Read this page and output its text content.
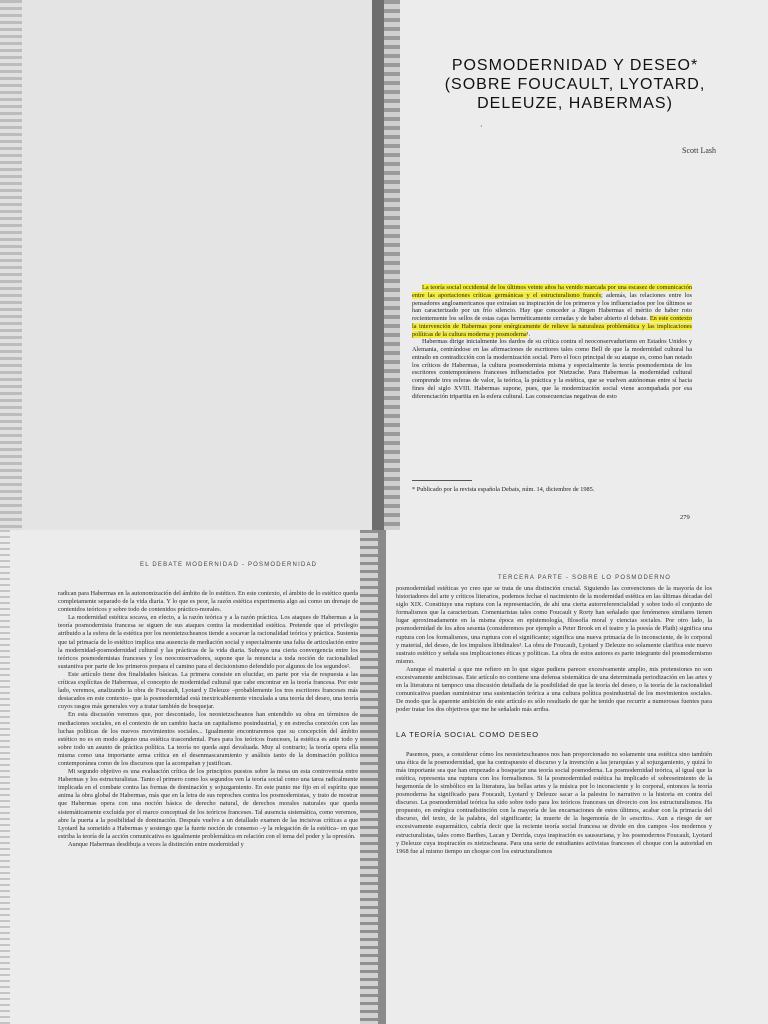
POSMODERNIDAD Y DESEO*
(SOBRE FOUCAULT, LYOTARD,
DELEUZE, HABERMAS)
·
Scott Lash

La teoría social occidental de los últimos veinte años ha venido marcada por una escasez de comunicación entre las aportaciones críticas germánicas y el estructuralismo francés; además, las relaciones entre los pensadores angloamericanos que extraían su inspiración de los primeros y los influenciados por los últimos se han caracterizado por un frío silencio. Hay que conceder a Jürgen Habermas el mérito de haber roto recientemente los sellos de estas cajas herméticamente cerradas y de haber abierto el debate. En este contexto la intervención de Habermas pone enérgicamente de relieve la naturaleza problemática y las implicaciones políticas de la cultura moderna y posmoderna¹.

Habermas dirige inicialmente los dardos de su crítica contra el neoconservadurismo en Estados Unidos y Alemania, centrándose en las afirmaciones de escritores tales como Bell de que la modernidad cultural ha entrado en contradicción con la modernización social. Pero el foco principal de su ataque es, como han notado los críticos de Habermas, la cultura posmodernista misma y especialmente la teoría posmodernista de los escritores contemporáneos franceses influenciados por Nietzsche. Para Habermas la modernidad cultural comprende tres esferas de valor, la teórica, la práctica y la estética, que se vuelven autónomas entre sí hacia fines del siglo XVIII. Habermas supone, pues, que la modernización social viene acompañada por esa diferenciación tripartita en la esfera cultural. Las consecuencias negativas de esto

* Publicado por la revista española Debats, núm. 14, diciembre de 1985.
279
EL DEBATE MODERNIDAD - POSMODERNIDAD

radican para Habermas en la autonomización del ámbito de lo estético. En este contexto, el ámbito de lo estético queda completamente separado de la vida diaria. Y lo que es peor, la razón estética experimenta algo así como un drenaje de contenidos teóricos y sobre todo de contenidos práctico-morales.

La modernidad estética socava, en efecto, a la razón teórica y a la razón práctica. Los ataques de Habermas a la teoría posmodernista francesa se siguen de sus ataques contra la modernidad estética. Pretende que el privilegio atribuido a la esfera de la estética por los neonietzscheanos tiende a socavar la racionalidad teórica y práctica. Sustenta que tal primacía de lo estético implica una ausencia de mediación social y especialmente una falta de articulación entre la modernidad-posmodernidad cultural y las prácticas de la vida diaria. Subraya una cierta convergencia entre los teóricos posmodernistas franceses y los neoconservadores, supone que la renuncia a toda noción de racionalidad sustantiva por parte de los primeros prepara el camino para el decisionismo defendido por algunos de los segundos².

Este artículo tiene dos finalidades básicas. La primera consiste en elucidar, en parte por vía de respuesta a las críticas explícitas de Habermas, el concepto de modernidad cultural que cabe encontrar en la teoría francesa. Por este lado, veremos, analizando la obra de Foucault, Lyotard y Deleuze –probablemente los tres escritores franceses más destacados en este contexto– que la posmodernidad está inextricablemente vinculada a una teoría del deseo, una teoría cuyos rasgos más generales voy a tratar también de bosquejar.

En esta discusión veremos que, por descontado, los neonietzscheanos han entendido su obra en términos de mediaciones sociales, en el contexto de un cambio hacia un capitalismo posindustrial, y en estrecha conexión con las luchas políticas de los nuevos movimientos sociales... Igualmente encontraremos que su concepción del ámbito estético no es en modo alguno una estética trascendental. Pues para los teóricos franceses, la estética es ante todo y sobre todo un asunto de práctica política. La teoría no queda aquí devaluada. Muy al contrario; la teoría opera ella misma como una importante arma crítica en el desenmascaramiento y análisis tanto de la dominación política contemporánea como de los discursos que la acompañan y justifican.

Mi segundo objetivo es una evaluación crítica de los principios puestos sobre la mesa un esta controversia entre Habermas y los estructuralistas. Tanto el primero como los segundos ven la teoría social como una tarea radicalmente implicada en el combate contra las formas de dominación y sojuzgamiento. En este punto me fijo en el espíritu que anima la obra global de Habermas, más que en la letra de sus reproches contra los posmodernistas, y trato de mostrar que Habermas opera con una noción básica de derecho natural, de derechos morales naturales que queda sistemáticamente excluida por el marco conceptual de los teóricos franceses. Tal ausencia sistemática, como veremos, abre la puerta a la posibilidad de dominación. Después vuelvo a un detallado examen de las incisivas críticas a que Lyotard ha sometido a Habermas y sostengo que la fuerte noción de consenso –y la relegación de la estética– en que estriba la teoría de la acción comunicativa es igualmente problemática en relación con el tema del poder y la opresión.

Aunque Habermas desdibuja a veces la distinción entre modernidad y

TERCERA PARTE - SOBRE LO POSMODERNO

posmodernidad estéticas yo creo que se trata de una distinción crucial. Siguiendo las convenciones de la mayoría de los historiadores del arte y críticos literarios, podemos fechar el nacimiento de la modernidad estética en las últimas décadas del siglo XIX. Constituye una ruptura con la representación, de ahí una cierta autorreferencialidad y sobre todo el conjunto de formalismos que la caracterizan. Comentaristas tales como Foucault y Rorty han señalado que fenómenos similares tienen lugar aproximadamente en la misma época en epistemología, filosofía moral y ciencias sociales. Por otro lado, la posmodernidad de los años sesenta (consideremos por ejemplo a Peter Brook en el teatro y la poesía de Plath) significa una ruptura con los formalismos, una ruptura con el significante; significa una nueva primacía de lo inconsciente, de lo corporal y material, del deseo, de los impulsos libidinales³. La obra de Foucault, Lyotard y Deleuze no solamente clarifica este nuevo sustrato estético y señala sus implicaciones éticas y políticas. La obra de estos autores es parte integrante del posmodernismo mismo.

Aunque el material a que me refiero en lo que sigue pudiera parecer excesivamente amplio, mis pretensiones no son excesivamente ambiciosas. Este artículo no contiene una defensa sistemática de una determinada periodización en las artes y en la literatura ni tampoco una discusión detallada de la posibilidad de que la teoría del deseo, o la teoría de la racionalidad comunicativa puedan suministrar una sustentación teórica a una cultura política posindustrial de los movimientos sociales. De modo que la aparente ambición de este artículo es sólo resultado de que he tenido que recurrir a numerosas fuentes para poder tratar los dos objetivos que me he señalado más arriba.

LA TEORÍA SOCIAL COMO DESEO

Pasemos, pues, a considerar cómo los neonietzscheanos nos han proporcionado no solamente una estética sino también una ética de la posmodernidad, que ha contrapuesto el discurso y la invención a las jerarquías y al sojuzgamiento, y quizá lo más importante sea que han empezado a bosquejar una teoría social posmoderna. La posmodernidad teórica, al igual que la estética, representa una ruptura con los formalismos. Si la posmodernidad estética ha implicado el sobreseimiento de la hegemonía de lo simbólico en la literatura, las bellas artes y la música por lo inconsciente y lo corporal, entonces la teoría posmoderna ha significado para Foucault, Lyotard y Deleuze sacar a la palestra lo narrativo o la historia en contra del discurso. La posmodernidad teórica ha sido sobre todo para los teóricos franceses un divorcio con los estructuralismos. Ha propuesto, en enérgica contradistinción con la mayoría de las encarnaciones de estos últimos, acabar con la primacía del discurso, del texto, de la palabra, del significante; la muerte de la hegemonía de lo «escrito». Aun a riesgo de ser excesivamente esquemático, cabría decir que la reciente teoría social francesa se divide en dos campos -los modernos y estructuralistas, tales como Barthes, Lacan y Derrida, cuya inspiración es saussuriana, y los posmodernos Foucault, Lyotard y Deleuze cuya inspiración es nietzscheana. Para una serie de estudiantes activistas franceses el choque con la autoridad en 1968 fue al mismo tiempo un choque con los estructuralismos
